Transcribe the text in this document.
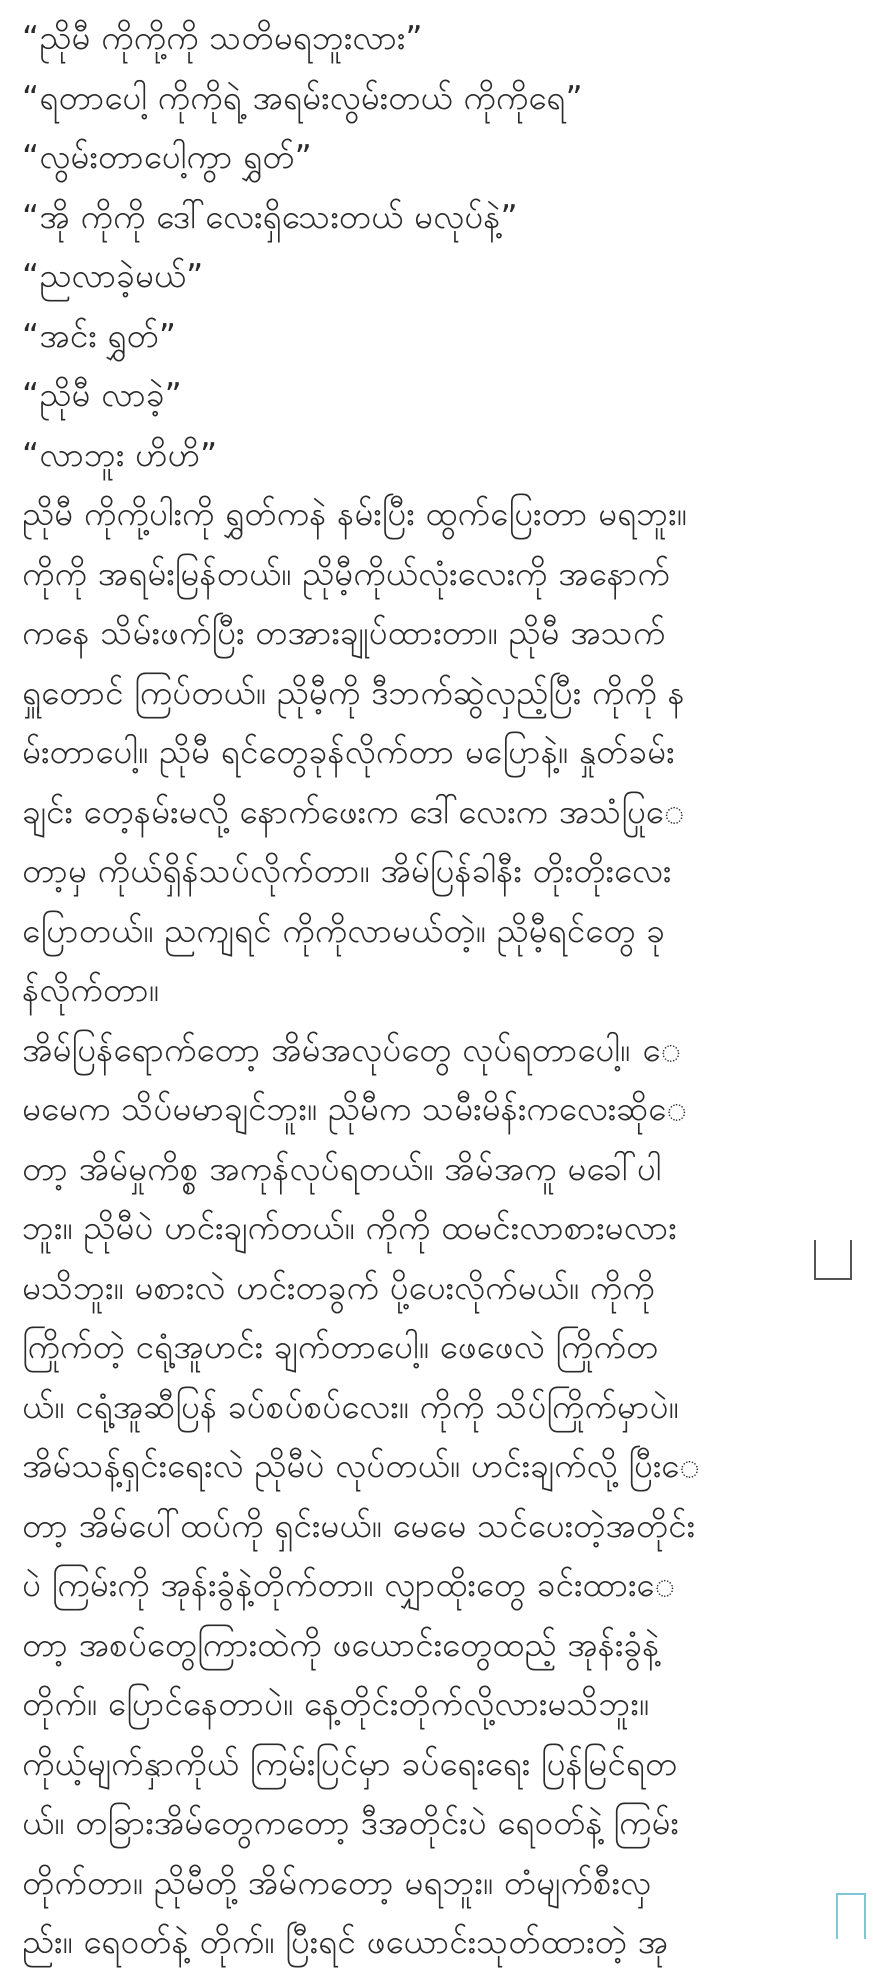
“ညိုမီ ကိုကို့ကို သတိမရဘူးလား”
“ရတာပေါ့ ကိုကိုရဲ့ အရမ်းလွမ်းတယ် ကိုကိုရေ”
“လွမ်းတာပေါ့ကွာ ရွှတ်”
“အို ကိုကို ဒေါ်လေးရှိသေးတယ် မလုပ်နဲ့”
“ညလာခဲ့မယ်”
“အင်း ရွှတ်”
“ညိုမီ လာခဲ့”
“လာဘူး ဟိဟိ”
ညိုမီ ကိုကို့ပါးကို ရွှတ်ကနဲ နမ်းပြီး ထွက်ပြေးတာ မရဘူး။
ကိုကို အရမ်းမြန်တယ်။ ညိုမီ့ကိုယ်လုံးလေးကို အနောက်
ကနေ သိမ်းဖက်ပြီး တအားချုပ်ထားတာ။ ညိုမီ အသက်
ရှူတောင် ကြပ်တယ်။ ညိုမီ့ကို ဒီဘက်ဆွဲလှည့်ပြီး ကိုကို န
မ်းတာပေါ့။ ညိုမီ ရင်တွေခုန်လိုက်တာ မပြောနဲ့။ နှုတ်ခမ်း
ချင်း တေ့နမ်းမလို့ နောက်ဖေးက ဒေါ်လေးက အသံပြုေ
တာ့မှ ကိုယ်ရှိန်သပ်လိုက်တာ။ အိမ်ပြန်ခါနီး တိုးတိုးလေး
ပြောတယ်။ ညကျရင် ကိုကိုလာမယ်တဲ့။ ညိုမီ့ရင်တွေ ခု
န်လိုက်တာ။
အိမ်ပြန်ရောက်တော့ အိမ်အလုပ်တွေ လုပ်ရတာပေါ့။ ေ
မမေက သိပ်မမာချင်ဘူး။ ညိုမီက သမီးမိန်းကလေးဆိုေ
တာ့ အိမ်မှုကိစ္စ အကုန်လုပ်ရတယ်။ အိမ်အကူ မခေါ်ပါ
ဘူး။ ညိုမီပဲ ဟင်းချက်တယ်။ ကိုကို ထမင်းလာစားမလား
မသိဘူး။ မစားလဲ ဟင်းတခွက် ပို့ပေးလိုက်မယ်။ ကိုကို
ကြိုက်တဲ့ ငရုံ့အူဟင်း ချက်တာပေါ့။ ဖေဖေလဲ ကြိုက်တ
ယ်။ ငရုံ့အူဆီပြန် ခပ်စပ်စပ်လေး။ ကိုကို သိပ်ကြိုက်မှာပဲ။
အိမ်သန့်ရှင်းရေးလဲ ညိုမီပဲ လုပ်တယ်။ ဟင်းချက်လို့ ပြီးေ
တာ့ အိမ်ပေါ်ထပ်ကို ရှင်းမယ်။ မေမေ သင်ပေးတဲ့အတိုင်း
ပဲ ကြမ်းကို အုန်းခွံနဲ့တိုက်တာ။ လျှာထိုးတွေ ခင်းထားေ
တာ့ အစပ်တွေကြားထဲကို ဖယောင်းတွေထည့် အုန်းခွံနဲ့
တိုက်။ ပြောင်နေတာပဲ။ နေ့တိုင်းတိုက်လို့လားမသိဘူး။
ကိုယ့်မျက်နှာကိုယ် ကြမ်းပြင်မှာ ခပ်ရေးရေး ပြန်မြင်ရတ
ယ်။ တခြားအိမ်တွေကတော့ ဒီအတိုင်းပဲ ရေဝတ်နဲ့ ကြမ်း
တိုက်တာ။ ညိုမီတို့ အိမ်ကတော့ မရဘူး။ တံမျက်စီးလှ
ည်း။ ရေဝတ်နဲ့ တိုက်။ ပြီးရင် ဖယောင်းသုတ်ထားတဲ့ အု
